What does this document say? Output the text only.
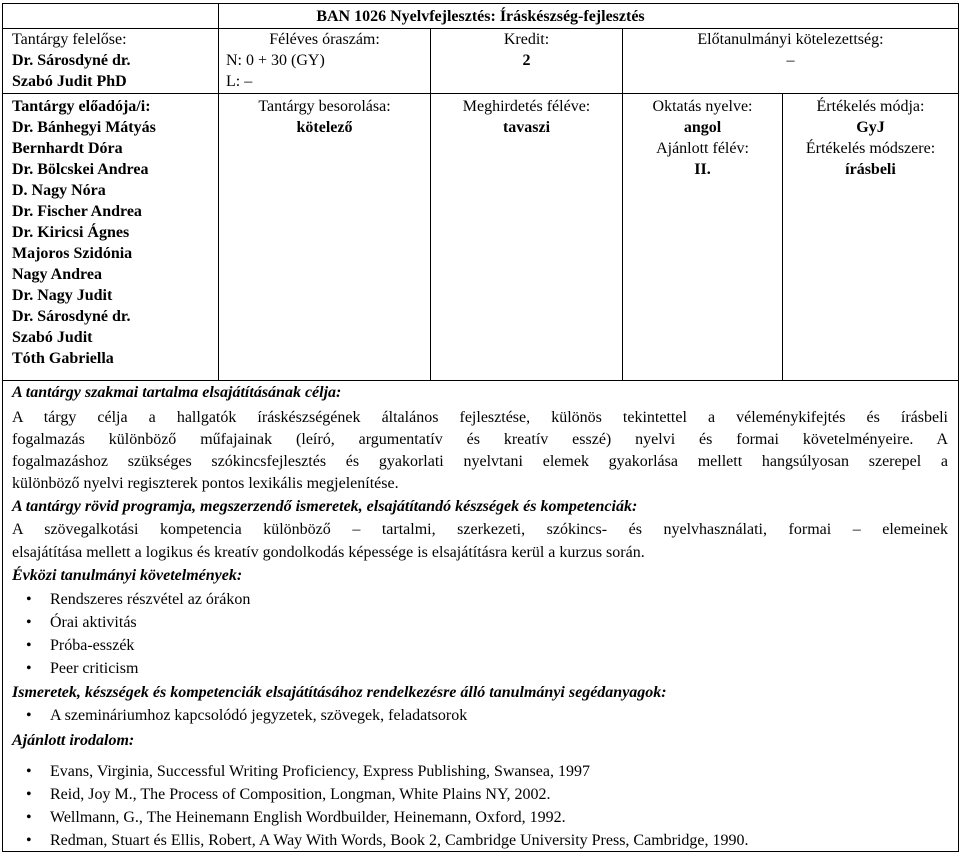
BAN 1026 Nyelvfejlesztés: Íráskészség-fejlesztés
Tantárgy felelőse:
Dr. Sárosdyné dr.
Szabó Judit PhD
Féléves óraszám:
N: 0 + 30 (GY)
L: –
Kredit:
2
Előtanulmányi kötelezettség:
–
Tantárgy előadója/i:
Dr. Bánhegyi Mátyás
Bernhardt Dóra
Dr. Bölcskei Andrea
D. Nagy Nóra
Dr. Fischer Andrea
Dr. Kiricsi Ágnes
Majoros Szidónia
Nagy Andrea
Dr. Nagy Judit
Dr. Sárosdyné dr.
Szabó Judit
Tóth Gabriella
Tantárgy besorolása:
kötelező
Meghirdetés féléve:
tavaszi
Oktatás nyelve:
angol
Ajánlott félév:
II.
Értékelés módja:
GyJ
Értékelés módszere:
írásbeli
A tantárgy szakmai tartalma elsajátításának célja:
A tárgy célja a hallgatók íráskészségének általános fejlesztése, különös tekintettel a véleménykifejtés és írásbeli
fogalmazás különböző műfajainak (leíró, argumentatív és kreatív esszé) nyelvi és formai követelményeire. A
fogalmazáshoz szükséges szókincsfejlesztés és gyakorlati nyelvtani elemek gyakorlása mellett hangsúlyosan szerepel a
különböző nyelvi regiszterek pontos lexikális megjelenítése.
A tantárgy rövid programja, megszerzendő ismeretek, elsajátítandó készségek és kompetenciák:
A szövegalkotási kompetencia különböző – tartalmi, szerkezeti, szókincs- és nyelvhasználati, formai – elemeinek
elsajátítása mellett a logikus és kreatív gondolkodás képessége is elsajátításra kerül a kurzus során.
Évközi tanulmányi követelmények:
• Rendszeres részvétel az órákon
• Órai aktivitás
• Próba-esszék
• Peer criticism
Ismeretek, készségek és kompetenciák elsajátításához rendelkezésre álló tanulmányi segédanyagok:
• A szemináriumhoz kapcsolódó jegyzetek, szövegek, feladatsorok
Ajánlott irodalom:
• Evans, Virginia, Successful Writing Proficiency, Express Publishing, Swansea, 1997
• Reid, Joy M., The Process of Composition, Longman, White Plains NY, 2002.
• Wellmann, G., The Heinemann English Wordbuilder, Heinemann, Oxford, 1992.
• Redman, Stuart és Ellis, Robert, A Way With Words, Book 2, Cambridge University Press, Cambridge, 1990.
